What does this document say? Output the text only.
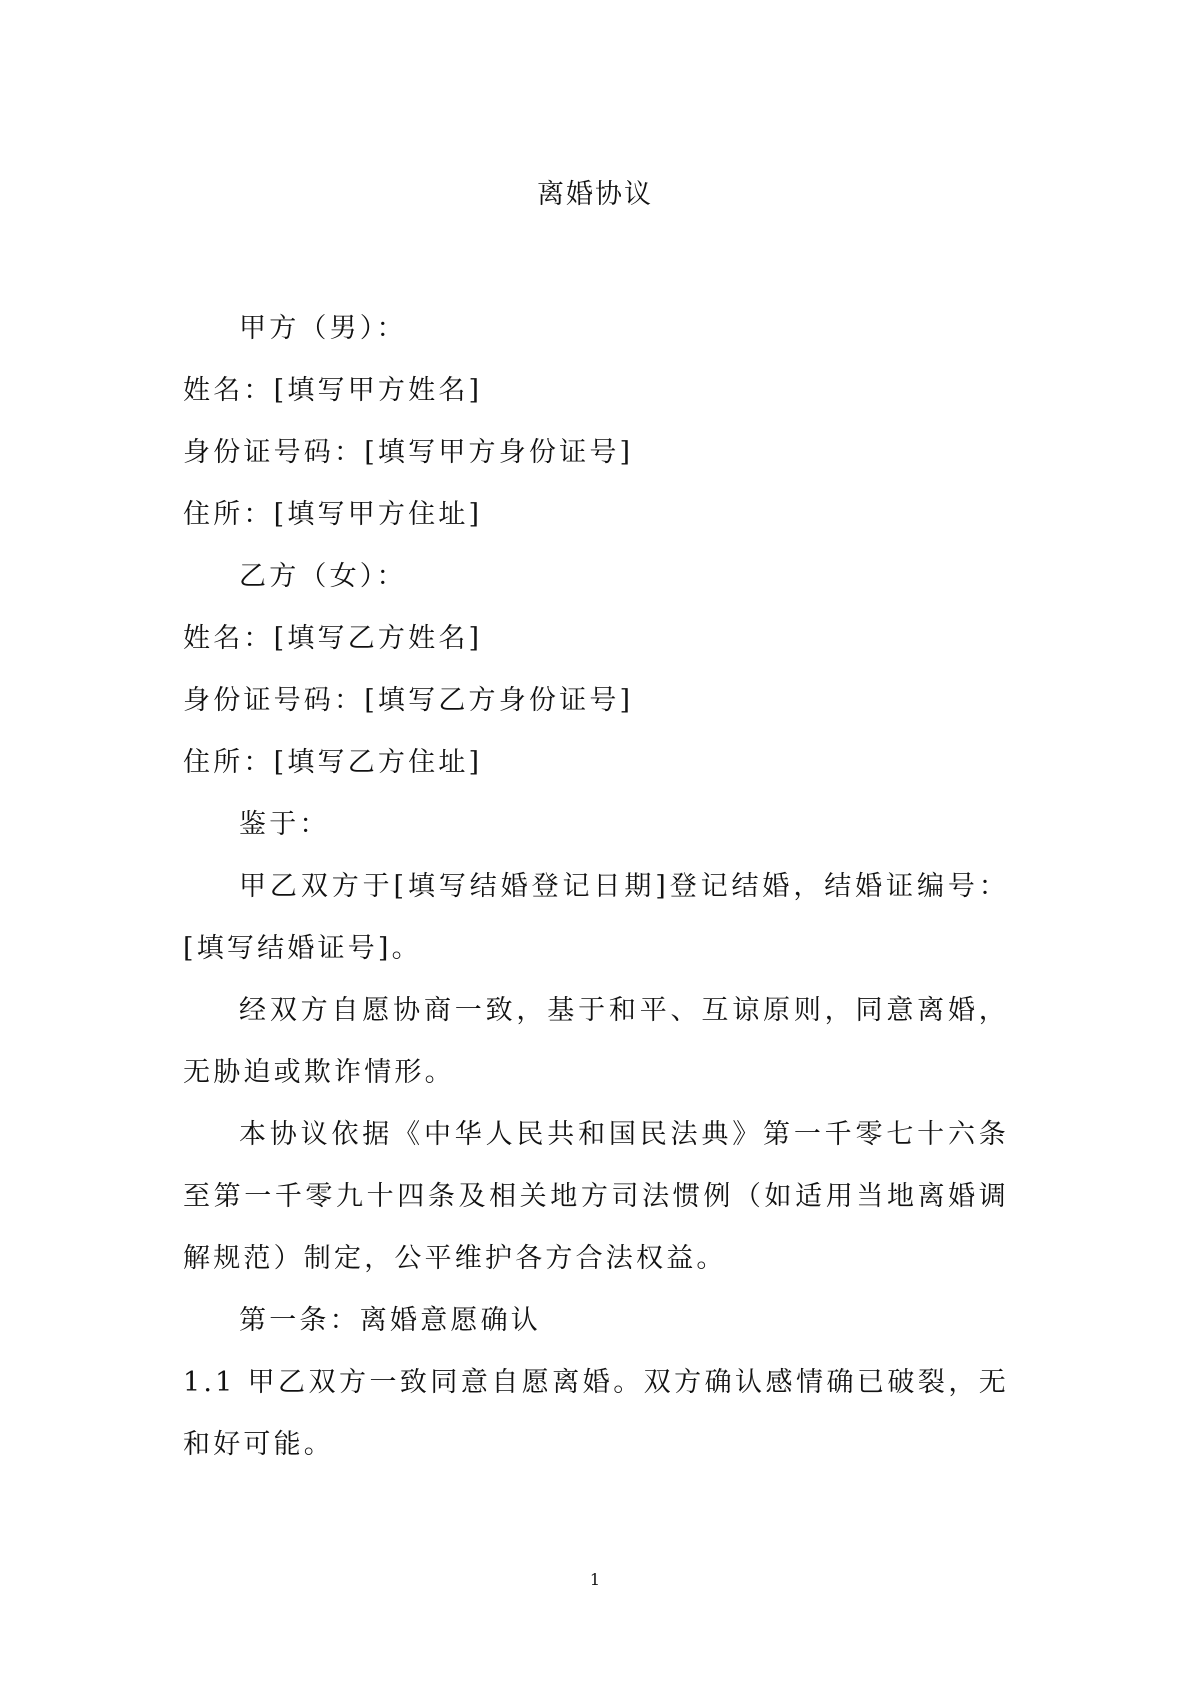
离婚协议

甲方（男）：

姓名：[填写甲方姓名]

身份证号码：[填写甲方身份证号]

住所：[填写甲方住址]

乙方（女）：

姓名：[填写乙方姓名]

身份证号码：[填写乙方身份证号]

住所：[填写乙方住址]

鉴于：

甲乙双方于[填写结婚登记日期]登记结婚，结婚证编号：[填写结婚证号]。

经双方自愿协商一致，基于和平、互谅原则，同意离婚，无胁迫或欺诈情形。

本协议依据《中华人民共和国民法典》第一千零七十六条至第一千零九十四条及相关地方司法惯例（如适用当地离婚调解规范）制定，公平维护各方合法权益。

第一条：离婚意愿确认

1.1 甲乙双方一致同意自愿离婚。双方确认感情确已破裂，无和好可能。

1
